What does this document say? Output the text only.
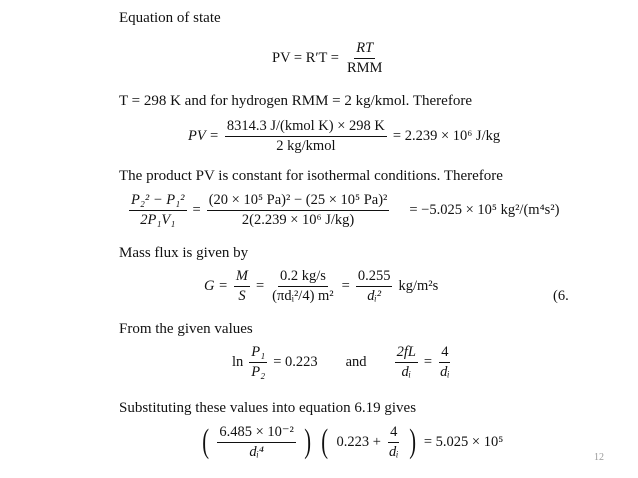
Equation of state
PV = $R'T = \frac{RT}{\text{RMM}}$
T = 298 K and for hydrogen RMM = 2 kg/kmol. Therefore
PV = $\frac{\text{8314.3 J/(kmol K) × 298 K}}{\text{2 kg/kmol}} = 2.239 \times 10^6$ J/kg
The product PV is constant for isothermal conditions. Therefore
$\frac{\text{P₂² − P₁²}}{\text{2P₁V₁}} = \frac{\text{(20 × 10⁵ Pa)² − (25 × 10⁵ Pa)²}}{\text{2(2.239 × 10⁶ J/kg)}} = -5.025 \times 10^5$ kg²/(m⁴s²)
Mass flux is given by
$G = \frac{M}{S} = \frac{0.2 kg/s}{\text{(πdᵢ²/4) m²}} = \frac{0.255}{\text{dᵢ²}} kg/m^2s$
(6.
From the given values
$\ln \frac{\text{P₁}}{\text{P₂}} = 0.223$ and $\frac{2fL}{\text{dᵢ}} = \frac{4}{\text{dᵢ}}$
Substituting these values into equation 6.19 gives
( $\frac{\text{6.485 × 10⁻²}}{\text{dᵢ⁴}}$ ) ( $0.223 + \frac{4}{\text{dᵢ}}$ ) = 5.025 × 10⁵
12
